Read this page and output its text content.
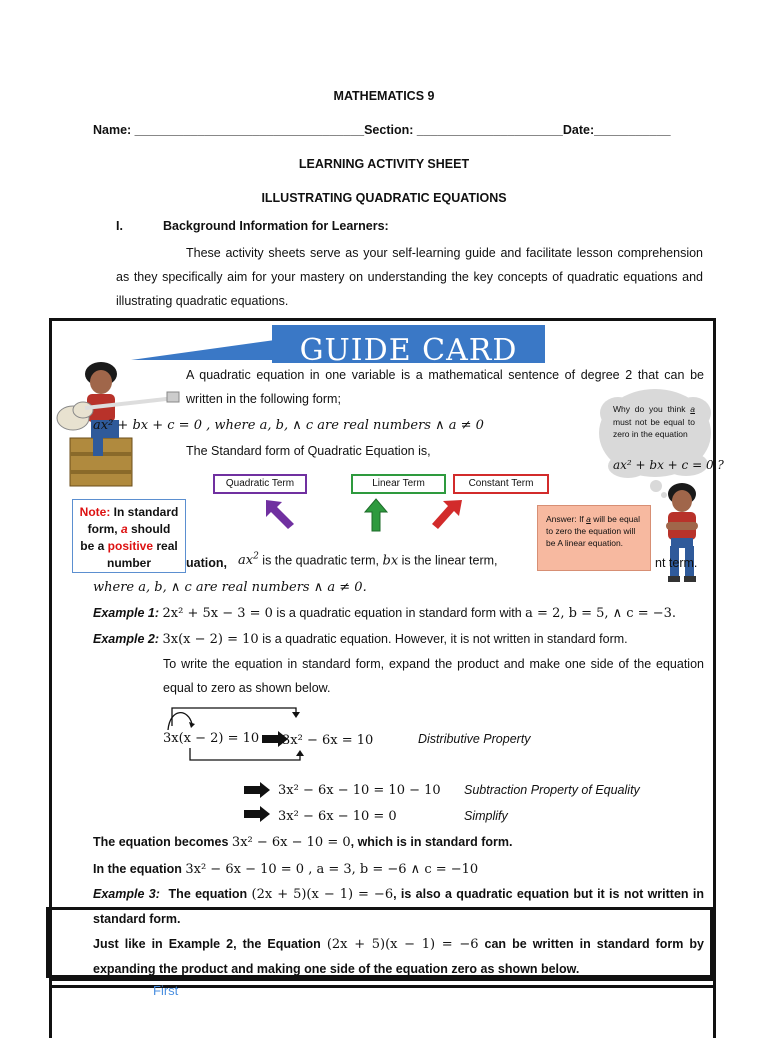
MATHEMATICS 9
Name: _________________________________Section: _____________________Date:___________
LEARNING ACTIVITY SHEET
ILLUSTRATING QUADRATIC EQUATIONS
I.	Background Information for Learners:
These activity sheets serve as your self-learning guide and facilitate lesson comprehension as they specifically aim for your mastery on understanding the key concepts of quadratic equations and illustrating quadratic equations.
GUIDE CARD
A quadratic equation in one variable is a mathematical sentence of degree 2 that can be written in the following form;
ax² + bx + c = 0 , where a, b, ∧ c are real numbers ∧ a ≠ 0
The Standard form of Quadratic Equation is,
Why do you think a must not be equal to zero in the equation
ax² + bx + c = 0 ?
Quadratic Term	Linear Term	Constant Term
Note: In standard form, a should be a positive real number
Answer: If a will be equal to zero the equation will be A linear equation.
uation, $ax^2$ is the quadratic term, bx is the linear term,	nt term.
where a, b, ∧ c are real numbers ∧ a ≠ 0.
Example 1: 2x² + 5x − 3 = 0 is a quadratic equation in standard form with a = 2, b = 5, ∧ c = −3.
Example 2: 3x(x − 2) = 10 is a quadratic equation. However, it is not written in standard form.
To write the equation in standard form, expand the product and make one side of the equation equal to zero as shown below.
3x(x − 2) = 10 3x² − 6x = 10	Distributive Property
3x² − 6x − 10 = 10 − 10 Subtraction Property of Equality
3x² − 6x − 10 = 0	Simplify
The equation becomes 3x² − 6x − 10 = 0, which is in standard form.
In the equation 3x² − 6x − 10 = 0 , a = 3, b = −6 ∧ c = −10
Example 3: The equation (2x + 5)(x − 1) = −6, is also a quadratic equation but it is not written in standard form.
Just like in Example 2, the Equation (2x + 5)(x − 1) = −6 can be written in standard form by expanding the product and making one side of the equation zero as shown below.
First
